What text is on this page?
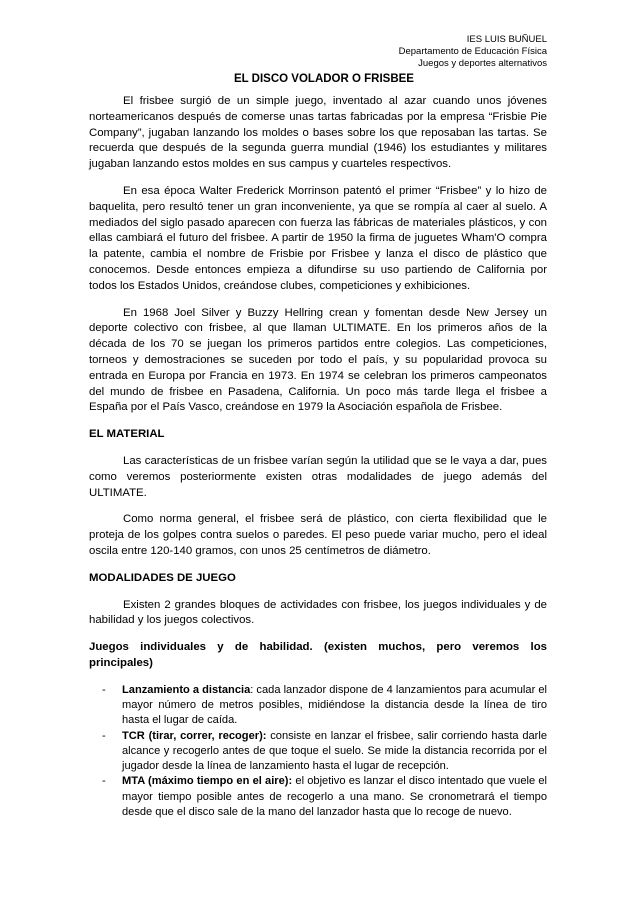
IES LUIS BUÑUEL
Departamento de Educación Física
Juegos y deportes alternativos
EL DISCO VOLADOR O FRISBEE

El frisbee surgió de un simple juego, inventado al azar cuando unos jóvenes norteamericanos después de comerse unas tartas fabricadas por la empresa “Frisbie Pie Company”, jugaban lanzando los moldes o bases sobre los que reposaban las tartas. Se recuerda que después de la segunda guerra mundial (1946) los estudiantes y militares jugaban lanzando estos moldes en sus campus y cuarteles respectivos.

En esa época Walter Frederick Morrinson patentó el primer “Frisbee” y lo hizo de baquelita, pero resultó tener un gran inconveniente, ya que se rompía al caer al suelo. A mediados del siglo pasado aparecen con fuerza las fábricas de materiales plásticos, y con ellas cambiará el futuro del frisbee. A partir de 1950 la firma de juguetes Wham'O compra la patente, cambia el nombre de Frisbie por Frisbee y lanza el disco de plástico que conocemos. Desde entonces empieza a difundirse su uso partiendo de California por todos los Estados Unidos, creándose clubes, competiciones y exhibiciones.

En 1968 Joel Silver y Buzzy Hellring crean y fomentan desde New Jersey un deporte colectivo con frisbee, al que llaman ULTIMATE. En los primeros años de la década de los 70 se juegan los primeros partidos entre colegios. Las competiciones, torneos y demostraciones se suceden por todo el país, y su popularidad provoca su entrada en Europa por Francia en 1973. En 1974 se celebran los primeros campeonatos del mundo de frisbee en Pasadena, California. Un poco más tarde llega el frisbee a España por el País Vasco, creándose en 1979 la Asociación española de Frisbee.

EL MATERIAL

Las características de un frisbee varían según la utilidad que se le vaya a dar, pues como veremos posteriormente existen otras modalidades de juego además del ULTIMATE.

Como norma general, el frisbee será de plástico, con cierta flexibilidad que le proteja de los golpes contra suelos o paredes. El peso puede variar mucho, pero el ideal oscila entre 120-140 gramos, con unos 25 centímetros de diámetro.

MODALIDADES DE JUEGO

Existen 2 grandes bloques de actividades con frisbee, los juegos individuales y de habilidad y los juegos colectivos.

Juegos individuales y de habilidad. (existen muchos, pero veremos los principales)

- Lanzamiento a distancia: cada lanzador dispone de 4 lanzamientos para acumular el mayor número de metros posibles, midiéndose la distancia desde la línea de tiro hasta el lugar de caída.
- TCR (tirar, correr, recoger): consiste en lanzar el frisbee, salir corriendo hasta darle alcance y recogerlo antes de que toque el suelo. Se mide la distancia recorrida por el jugador desde la línea de lanzamiento hasta el lugar de recepción.
- MTA (máximo tiempo en el aire): el objetivo es lanzar el disco intentado que vuele el mayor tiempo posible antes de recogerlo a una mano. Se cronometrará el tiempo desde que el disco sale de la mano del lanzador hasta que lo recoge de nuevo.
